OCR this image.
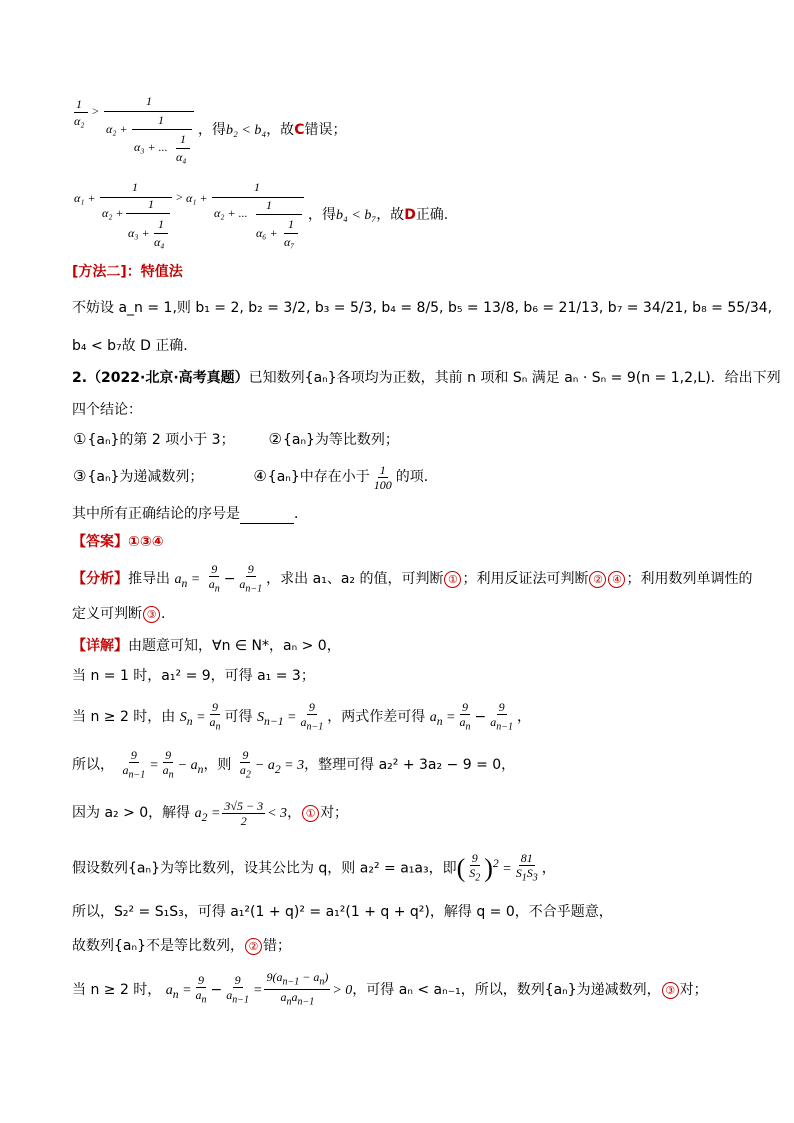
1
α₂
>
1
α₂ +
1
α₃ + ...
1
α₄
，得b₂ < b₄，故C错误；
α₁ +
1
α₂ +
1
α₃ +
1
α₄
> α₁ +
1
α₂ + ...
1
α₆ +
1
α₇
，得b₄ < b₇，故D正确.
[方法二]：特值法
不妨设 a_n = 1,则 b₁ = 2, b₂ = 3/2, b₃ = 5/3, b₄ = 8/5, b₅ = 13/8, b₆ = 21/13, b₇ = 34/21, b₈ = 55/34,
b₄ < b₇故 D 正确.
2.（2022·北京·高考真题）已知数列{aₙ}各项均为正数，其前 n 项和 Sₙ 满足 aₙ · Sₙ = 9(n = 1,2,L)．给出下列
四个结论：
①{aₙ}的第 2 项小于 3； ②{aₙ}为等比数列；
③{aₙ}为递减数列；	④{aₙ}中存在小于 $\frac{1}{100}$ 的项．
其中所有正确结论的序号是	．
【答案】①③④
【分析】推导出 $a_n = \frac{9}{a_n} - \frac{9}{a_{n-1}}$ ，求出 a₁、a₂ 的值，可判断 ① ；利用反证法可判断 ② ④ ；利用数列单调性的
定义可判断 ③ .
【详解】由题意可知，∀n ∈ N*，aₙ > 0，
当 n = 1 时，a₁² = 9，可得 a₁ = 3；
当 n ≥ 2 时，由 $S_n = \frac{9}{a_n}$ 可得 $S_{n-1} = \frac{9}{a_{n-1}}$ ，两式作差可得 $a_n = \frac{9}{a_n} - \frac{9}{a_{n-1}}$ ，
所以， $\frac{9}{a_{n-1}} = \frac{9}{a_n} - a_n$，则 $\frac{9}{a_2} - a_2 = 3$，整理可得 a₂² + 3a₂ − 9 = 0，
因为 a₂ > 0，解得 $a_2 = \frac{3√5 - 3}{2} < 3$， ① 对；
假设数列{aₙ}为等比数列，设其公比为 q，则 a₂² = a₁a₃，即( $\frac{9}{S_2} )^2 = \frac{81}{S_1S_3}$ ，
所以，S₂² = S₁S₃，可得 a₁²(1 + q)² = a₁²(1 + q + q²)，解得 q = 0，不合乎题意，
故数列{aₙ}不是等比数列， ② 错；
当 n ≥ 2 时， $a_n = \frac{9}{a_n} - \frac{9}{a_{n-1}} = \frac{9(a_{n-1} - a_n)}{a_na_{n-1}} > 0$，可得 aₙ < aₙ₋₁，所以，数列{aₙ}为递减数列， ③ 对；
